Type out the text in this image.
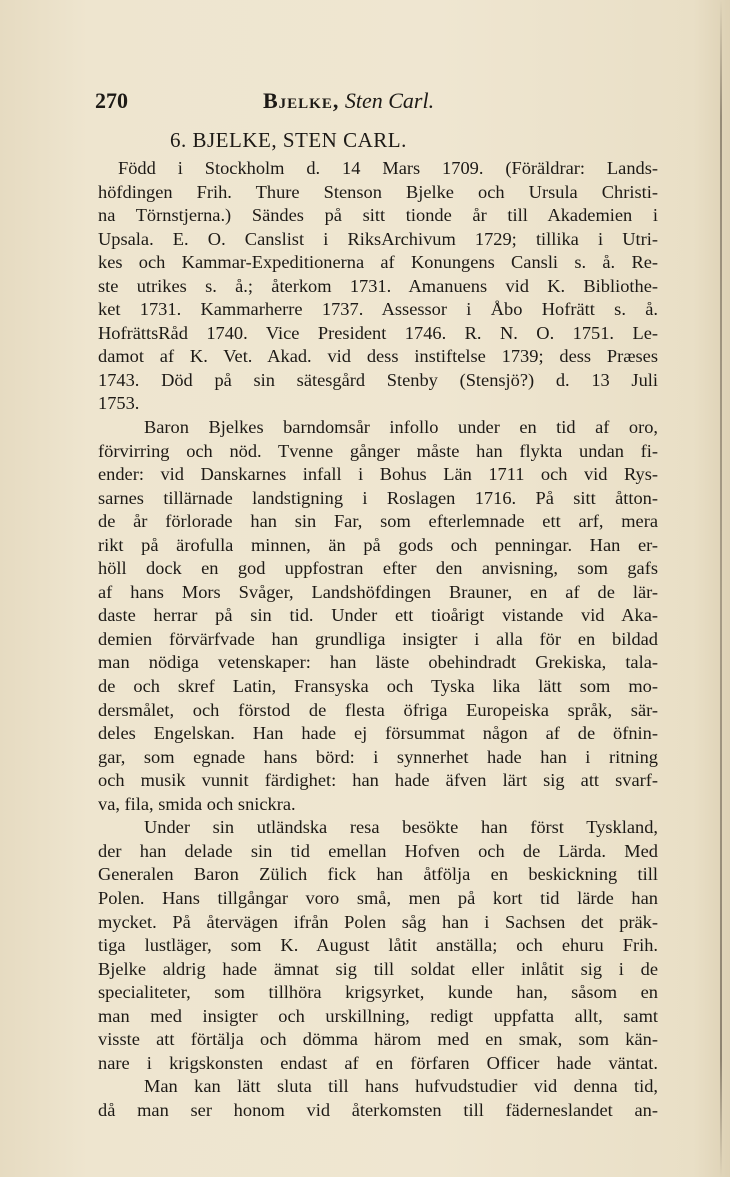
270	Bjelke, Sten Carl.
6. BJELKE, STEN CARL.
Född i Stockholm d. 14 Mars 1709. (Föräldrar: Lands-
höfdingen Frih. Thure Stenson Bjelke och Ursula Christi-
na Törnstjerna.) Sändes på sitt tionde år till Akademien i
Upsala. E. O. Canslist i RiksArchivum 1729; tillika i Utri-
kes och Kammar-Expeditionerna af Konungens Cansli s. å. Re-
ste utrikes s. å.; återkom 1731. Amanuens vid K. Bibliothe-
ket 1731. Kammarherre 1737. Assessor i Åbo Hofrätt s. å.
HofrättsRåd 1740. Vice President 1746. R. N. O. 1751. Le-
damot af K. Vet. Akad. vid dess instiftelse 1739; dess Præses
1743. Död på sin sätesgård Stenby (Stensjö?) d. 13 Juli
1753.
Baron Bjelkes barndomsår infollo under en tid af oro,
förvirring och nöd. Tvenne gånger måste han flykta undan fi-
ender: vid Danskarnes infall i Bohus Län 1711 och vid Rys-
sarnes tillärnade landstigning i Roslagen 1716. På sitt åtton-
de år förlorade han sin Far, som efterlemnade ett arf, mera
rikt på ärofulla minnen, än på gods och penningar. Han er-
höll dock en god uppfostran efter den anvisning, som gafs
af hans Mors Svåger, Landshöfdingen Brauner, en af de lär-
daste herrar på sin tid. Under ett tioårigt vistande vid Aka-
demien förvärfvade han grundliga insigter i alla för en bildad
man nödiga vetenskaper: han läste obehindradt Grekiska, tala-
de och skref Latin, Fransyska och Tyska lika lätt som mo-
dersmålet, och förstod de flesta öfriga Europeiska språk, sär-
deles Engelskan. Han hade ej försummat någon af de öfnin-
gar, som egnade hans börd: i synnerhet hade han i ritning
och musik vunnit färdighet: han hade äfven lärt sig att svarf-
va, fila, smida och snickra.
Under sin utländska resa besökte han först Tyskland,
der han delade sin tid emellan Hofven och de Lärda. Med
Generalen Baron Zülich fick han åtfölja en beskickning till
Polen. Hans tillgångar voro små, men på kort tid lärde han
mycket. På återvägen ifrån Polen såg han i Sachsen det präk-
tiga lustläger, som K. August låtit anställa; och ehuru Frih.
Bjelke aldrig hade ämnat sig till soldat eller inlåtit sig i de
specialiteter, som tillhöra krigsyrket, kunde han, såsom en
man med insigter och urskillning, redigt uppfatta allt, samt
visste att förtälja och dömma härom med en smak, som kän-
nare i krigskonsten endast af en förfaren Officer hade väntat.
Man kan lätt sluta till hans hufvudstudier vid denna tid,
då man ser honom vid återkomsten till fäderneslandet an-
